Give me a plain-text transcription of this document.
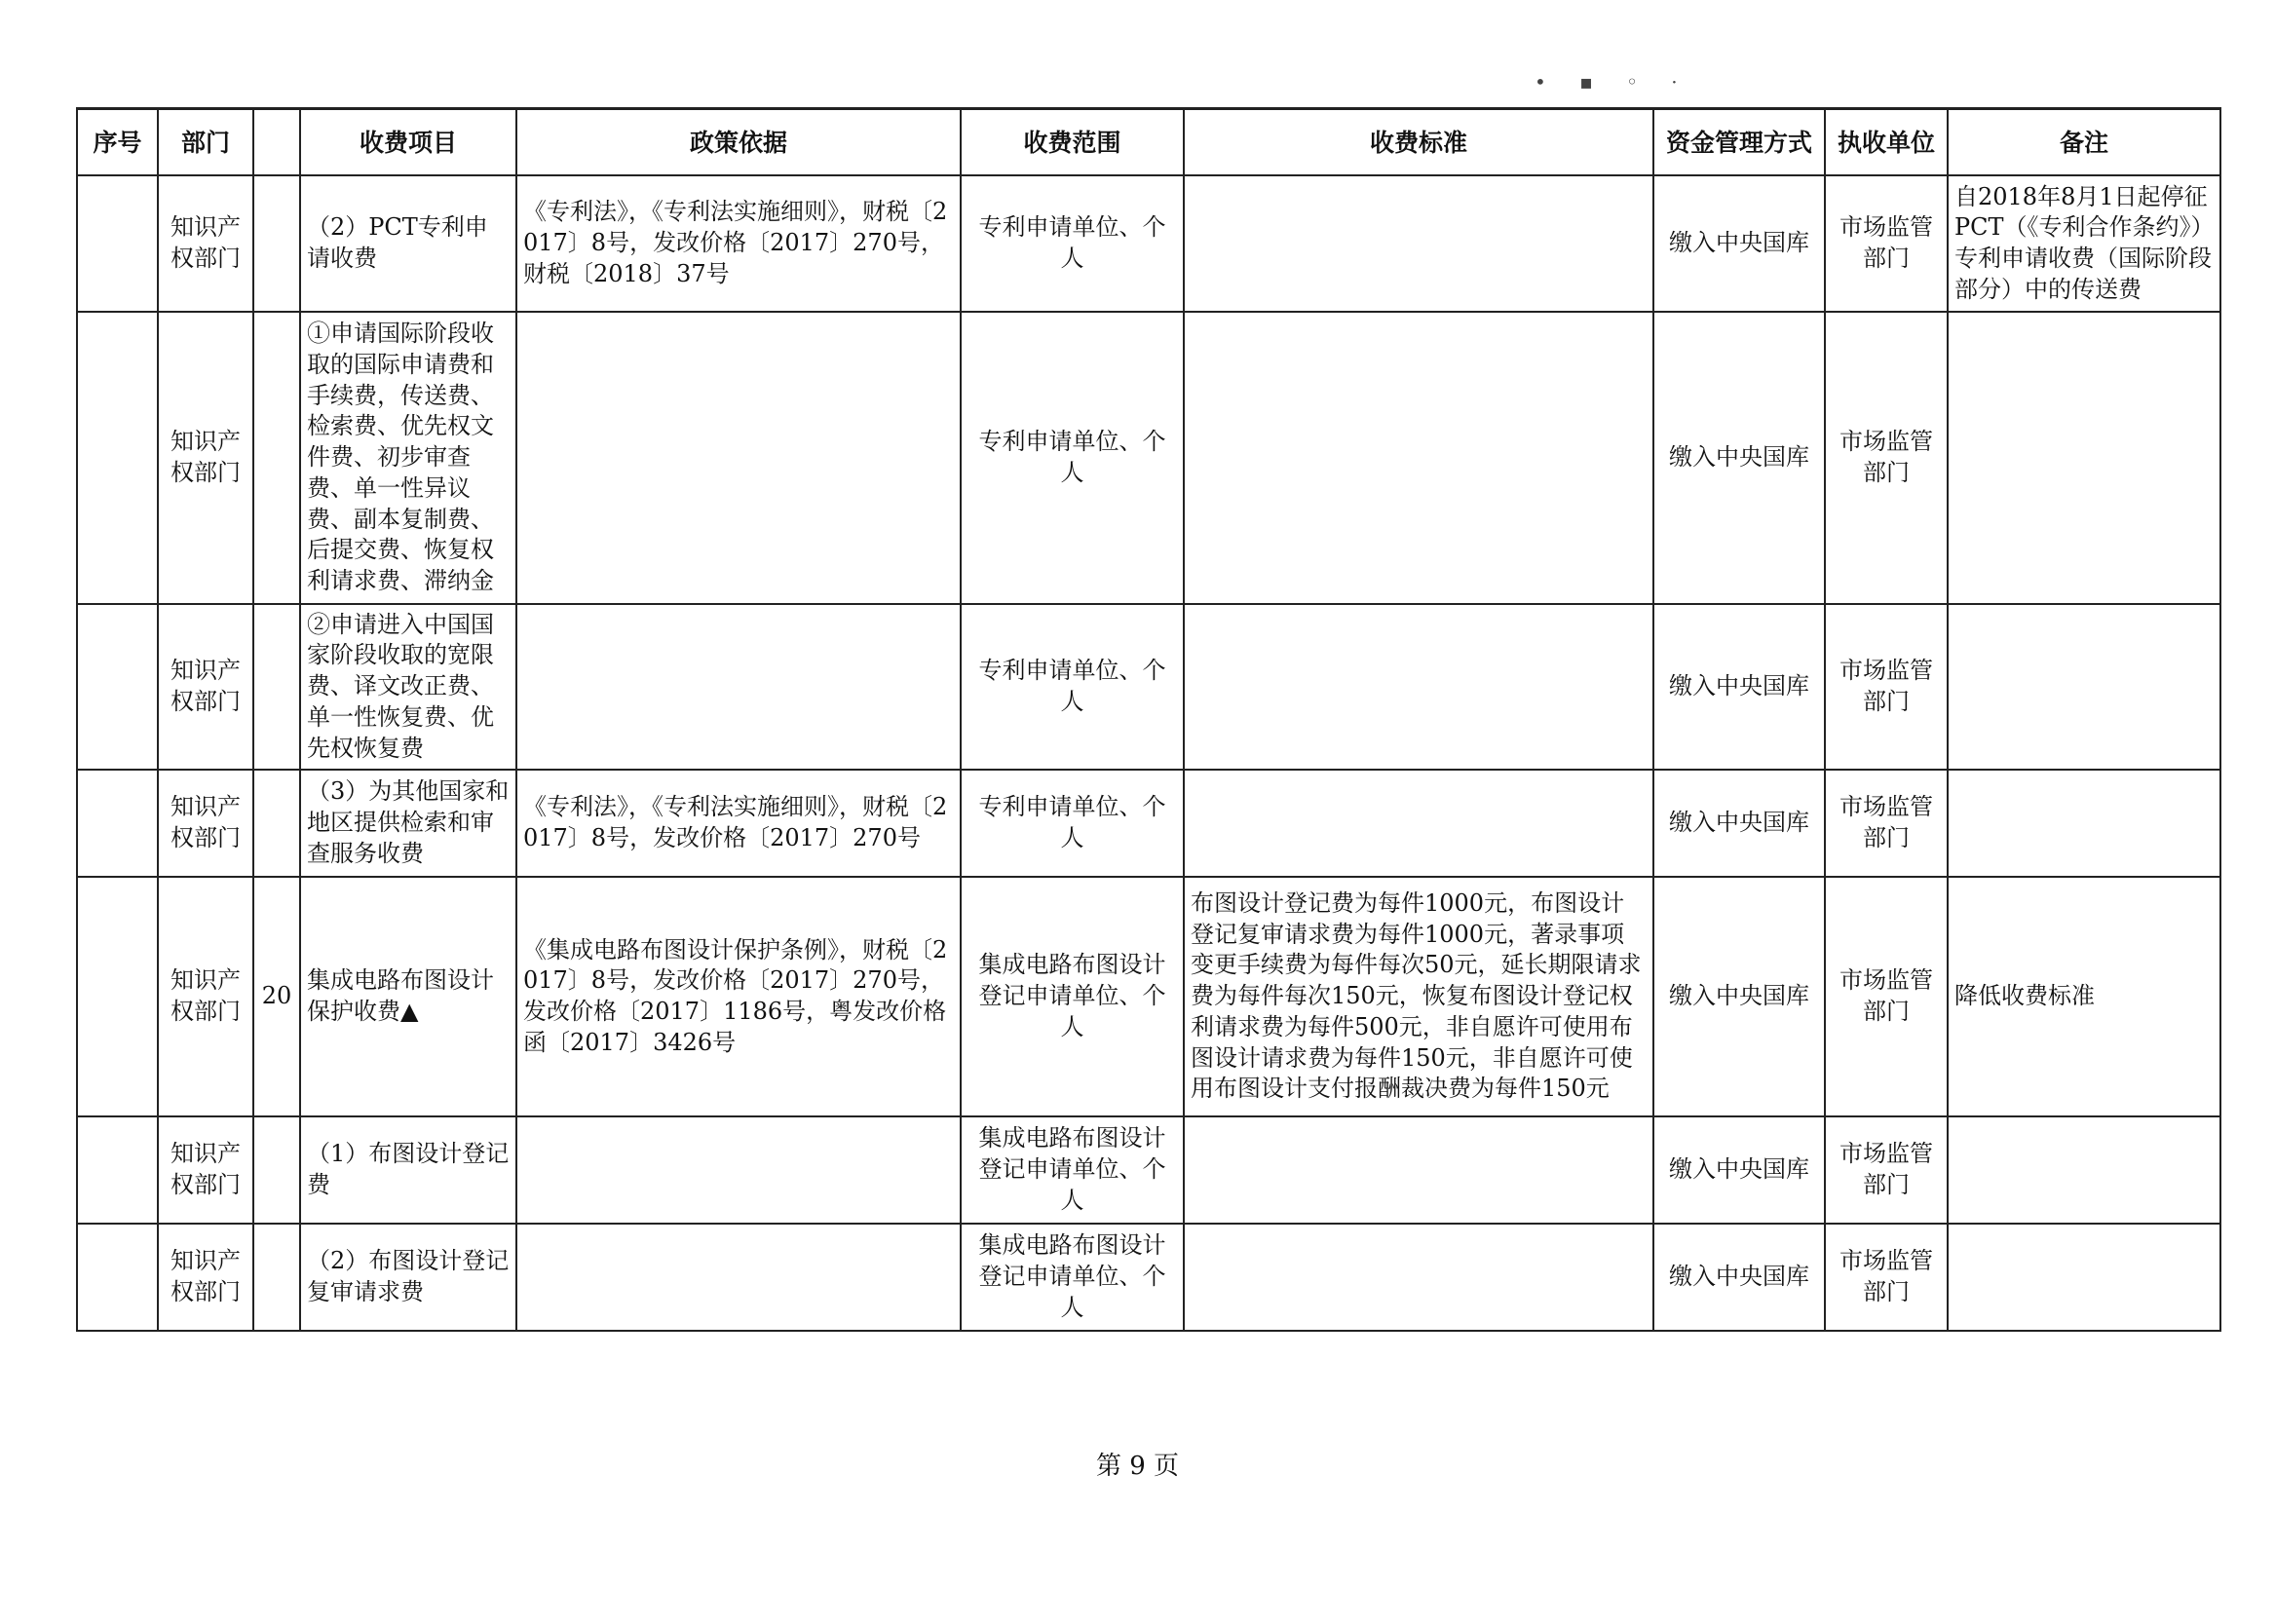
• ▪ ◦ ·
序号	部门		收费项目	政策依据	收费范围	收费标准	资金管理方式	执收单位	备注
	知识产权部门		（2）PCT专利申请收费	《专利法》，《专利法实施细则》，财税〔2017〕8号，发改价格〔2017〕270号，财税〔2018〕37号	专利申请单位、个人		缴入中央国库	市场监管部门	自2018年8月1日起停征PCT（《专利合作条约》）专利申请收费（国际阶段部分）中的传送费
	知识产权部门		①申请国际阶段收取的国际申请费和手续费，传送费、检索费、优先权文件费、初步审查费、单一性异议费、副本复制费、后提交费、恢复权利请求费、滞纳金		专利申请单位、个人		缴入中央国库	市场监管部门	
	知识产权部门		②申请进入中国国家阶段收取的宽限费、译文改正费、单一性恢复费、优先权恢复费		专利申请单位、个人		缴入中央国库	市场监管部门	
	知识产权部门		（3）为其他国家和地区提供检索和审查服务收费	《专利法》，《专利法实施细则》，财税〔2017〕8号，发改价格〔2017〕270号	专利申请单位、个人		缴入中央国库	市场监管部门	
	知识产权部门	20	集成电路布图设计保护收费▲	《集成电路布图设计保护条例》，财税〔2017〕8号，发改价格〔2017〕270号，发改价格〔2017〕1186号，粤发改价格函〔2017〕3426号	集成电路布图设计登记申请单位、个人	布图设计登记费为每件1000元，布图设计登记复审请求费为每件1000元，著录事项变更手续费为每件每次50元，延长期限请求费为每件每次150元，恢复布图设计登记权利请求费为每件500元，非自愿许可使用布图设计请求费为每件150元，非自愿许可使用布图设计支付报酬裁决费为每件150元	缴入中央国库	市场监管部门	降低收费标准
	知识产权部门		（1）布图设计登记费		集成电路布图设计登记申请单位、个人		缴入中央国库	市场监管部门	
	知识产权部门		（2）布图设计登记复审请求费		集成电路布图设计登记申请单位、个人		缴入中央国库	市场监管部门	
第 9 页
